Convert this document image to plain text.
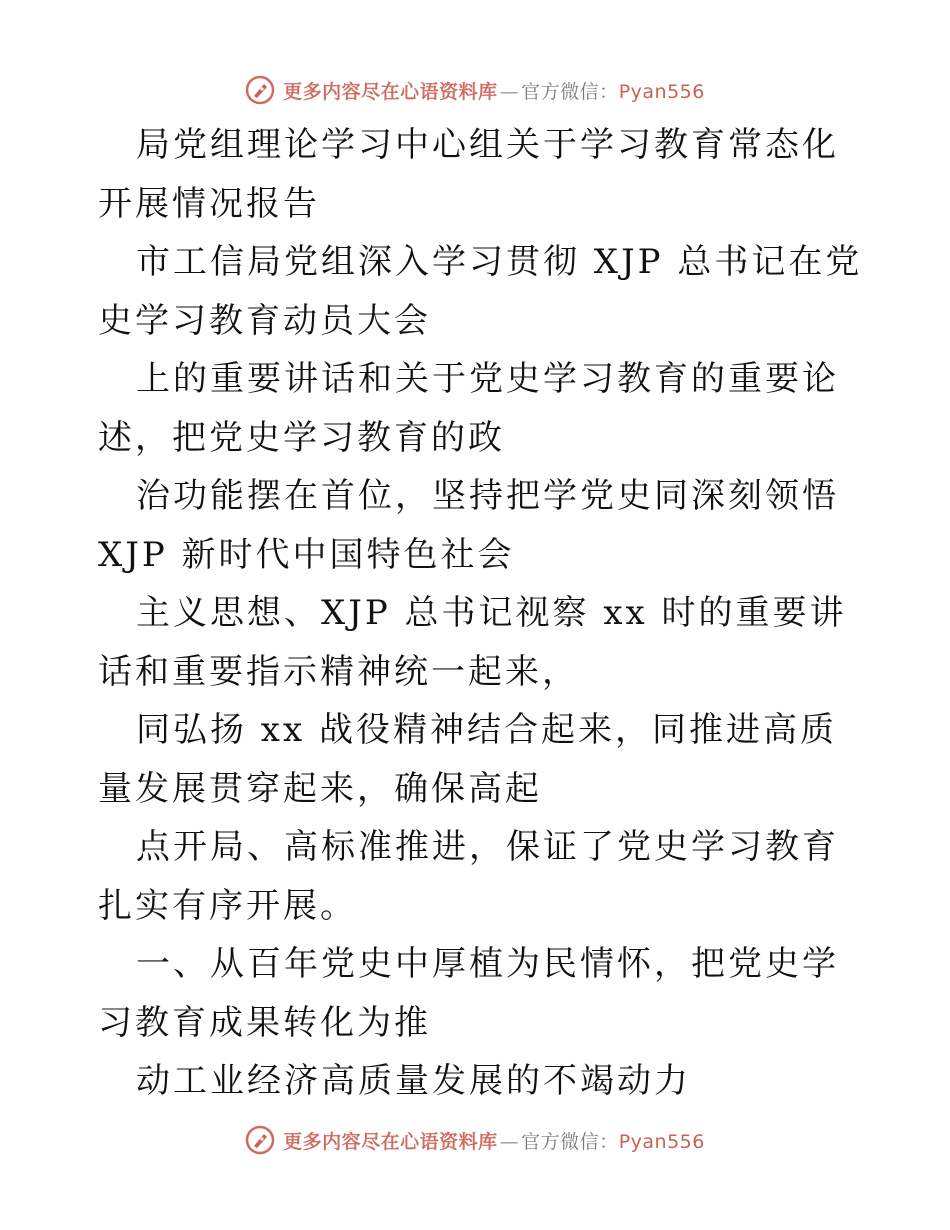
更多内容尽在心语资料库 — 官方微信：Pyan556

局党组理论学习中心组关于学习教育常态化开展情况报告

市工信局党组深入学习贯彻 XJP 总书记在党史学习教育动员大会

上的重要讲话和关于党史学习教育的重要论述，把党史学习教育的政

治功能摆在首位，坚持把学党史同深刻领悟 XJP 新时代中国特色社会

主义思想、XJP 总书记视察 xx 时的重要讲话和重要指示精神统一起来，

同弘扬 xx 战役精神结合起来，同推进高质量发展贯穿起来，确保高起

点开局、高标准推进，保证了党史学习教育扎实有序开展。

一、从百年党史中厚植为民情怀，把党史学习教育成果转化为推

动工业经济高质量发展的不竭动力

更多内容尽在心语资料库 — 官方微信：Pyan556
